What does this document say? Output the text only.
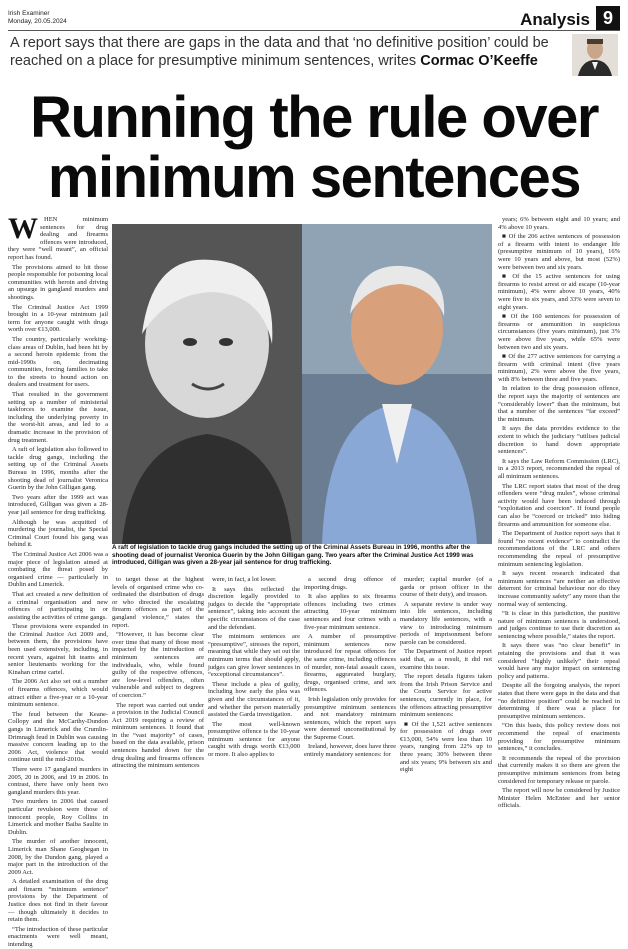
Irish Examiner
Monday, 20.05.2024	Analysis 9
A report says that there are gaps in the data and that ‘no definitive position’ could be reached on a place for presumptive minimum sentences, writes Cormac O’Keeffe
Running the rule over
minimum sentences
W HEN minimum sentences for drug dealing and firearms offences were introduced, they were “well meant”, an official report has found.

The provisions aimed to hit those people responsible for poisoning local communities with heroin and driving an upsurge in gangland murders and shootings.

The Criminal Justice Act 1999 brought in a 10-year minimum jail term for anyone caught with drugs worth over €13,000.

The country, particularly working-class areas of Dublin, had been hit by a second heroin epidemic from the mid-1990s on, decimating communities, forcing families to take to the streets to hound action on dealers and treatment for users.

That resulted in the government setting up a number of ministerial taskforces to examine the issue, including the underlying poverty in the worst-hit areas, and led to a dramatic increase in the provision of drug treatment.

A raft of legislation also followed to tackle drug gangs, including the setting up of the Criminal Assets Bureau in 1996, months after the shooting dead of journalist Veronica Guerin by the John Gilligan gang.

Two years after the 1999 act was introduced, Gilligan was given a 28-year jail sentence for drug trafficking.

Although he was acquitted of murdering the journalist, the Special Criminal Court found his gang was behind it.

The Criminal Justice Act 2006 was a major piece of legislation aimed at combating the threat posed by organised crime — particularly in Dublin and Limerick.

That act created a new definition of a criminal organisation and new offences of participating in or assisting the activities of crime gangs.

These provisions were expanded in the Criminal Justice Act 2009 and, between them, the provisions have been used extensively, including, in recent years, against hit teams and senior lieutenants working for the Kinahan crime cartel.

The 2006 Act also set out a number of firearms offences, which would attract either a five-year or a 10-year minimum sentence.

The feud between the Keane-Collopy and the McCarthy-Dundon gangs in Limerick and the Crumlin-Drimnagh feud in Dublin was causing massive concern leading up to the 2006 Act, violence that would continue until the mid-2010s.

There were 17 gangland murders in 2005, 20 in 2006, and 19 in 2006. In contrast, there have only been two gangland murders this year.

Two murders in 2006 that caused particular revulsion were those of innocent people, Roy Collins in Limerick and mother Baiba Saulite in Dublin.

The murder of another innocent, Limerick man Shane Geoghegan in 2008, by the Dundon gang, played a major part in the introduction of the 2009 Act.

A detailed examination of the drug and firearm “minimum sentence” provisions by the Department of Justice does not find in their favour — though ultimately it decides to retain them.

“The introduction of these particular enactments were well meant, intending

A raft of legislation to tackle drug gangs included the setting up of the Criminal Assets Bureau in 1996, months after the shooting dead of journalist Veronica Guerin by the John Gilligan gang. Two years after the Criminal Justice Act 1999 was introduced, Gilligan was given a 28-year jail sentence for drug trafficking.

to target those at the highest levels of organised crime who co-ordinated the distribution of drugs or who directed the escalating firearm offences as part of the gangland violence,” states the report.

“However, it has become clear over time that many of those most impacted by the introduction of minimum sentences are individuals, who, while found guilty of the respective offences, are low-level offenders, often vulnerable and subject to degrees of coercion.”

The report was carried out under a provision in the Judicial Council Act 2019 requiring a review of minimum sentences. It found that in the “vast majority” of cases, based on the data available, prison sentences handed down for the drug dealing and firearms offences attracting the minimum sentences

were, in fact, a lot lower.

It says this reflected the discretion legally provided to judges to decide the “appropriate sentence”, taking into account the specific circumstances of the case and the defendant.

The minimum sentences are “presumptive”, stresses the report, meaning that while they set out the minimum terms that should apply, judges can give lower sentences in “exceptional circumstances”.

These include a plea of guilty, including how early the plea was given and the circumstances of it, and whether the person materially assisted the Garda investigation.

The most well-known presumptive offence is the 10-year minimum sentence for anyone caught with drugs worth €13,000 or more. It also applies to

a second drug offence of importing drugs.

It also applies to six firearms offences including two crimes attracting 10-year minimum sentences and four crimes with a five-year minimum sentence.

A number of presumptive minimum sentences now introduced for repeat offences for the same crime, including offences of murder, non-fatal assault cases, firearms, aggravated burglary, drugs, organised crime, and sex offences.

Irish legislation only provides for presumptive minimum sentences and not mandatory minimum sentences, which the report says were deemed unconstitutional by the Supreme Court.

Ireland, however, does have three entirely mandatory sentences: for

murder; capital murder (of a garda or prison officer in the course of their duty), and treason.

A separate review is under way into life sentences, including mandatory life sentences, with a view to introducing minimum periods of imprisonment before parole can be considered.

The Department of Justice report said that, as a result, it did not examine this issue.

The report details figures taken from the Irish Prison Service and the Courts Service for active sentences, currently in place, for the offences attracting presumptive minimum sentences:

■ Of the 1,521 active sentences for possession of drugs over €13,000, 54% were less than 10 years, ranging from 22% up to three years; 30% between three and six years; 9% between six and eight

years; 6% between eight and 10 years; and 4% above 10 years.

■ Of the 206 active sentences of possession of a firearm with intent to endanger life (presumptive minimum of 10 years), 16% were 10 years and above, but most (52%) were between two and six years.

■ Of the 15 active sentences for using firearms to resist arrest or aid escape (10-year minimum), 4% were above 10 years, 40% were five to six years, and 33% were seven to eight years.

■ Of the 160 sentences for possession of firearms or ammunition in suspicious circumstances (five years minimum), just 3% were above five years, while 65% were between two and six years.

■ Of the 277 active sentences for carrying a firearm with criminal intent (five years minimum), 2% were above the five years, with 8% between three and five years.

In relation to the drug possession offence, the report says the majority of sentences are “considerably lower” than the minimum, but that a number of the sentences “far exceed” the minimum.

It says the data provides evidence to the extent to which the judiciary “utilises judicial discretion to hand down appropriate sentences”.

It says the Law Reform Commission (LRC), in a 2013 report, recommended the repeal of all minimum sentences.

The LRC report states that most of the drug offenders were “drug mules”, whose criminal activity would have been induced through “exploitation and coercion”. If found people can also be “coerced or tricked” into hiding firearms and ammunition for someone else.

The Department of Justice report says that it found “no recent evidence” to contradict the recommendations of the LRC and others recommending the repeal of presumptive minimum sentencing legislation.

It says recent research indicated that minimum sentences “are neither an effective deterrent for criminal behaviour nor do they increase community safety” any more than the normal way of sentencing.

“It is clear in this jurisdiction, the punitive nature of minimum sentences is understood, and judges continue to use their discretion as sentencing where possible,” states the report.

It says there was “no clear benefit” in retaining the provisions and that it was considered “highly unlikely” their repeal would have any major impact on sentencing policy and patterns.

Despite all the forgoing analysis, the report states that there were gaps in the data and that “no definitive position” could be reached in determining if there was a place for presumptive minimum sentences.

“On this basis, this policy review does not recommend the repeal of enactments providing for presumptive minimum sentences,” it concludes.

It recommends the repeal of the provision that currently makes it so there are given the presumptive minimum sentences from being considered for temporary release or parole.

The report will now be considered by Justice Minister Helen McEntee and her senior officials.
